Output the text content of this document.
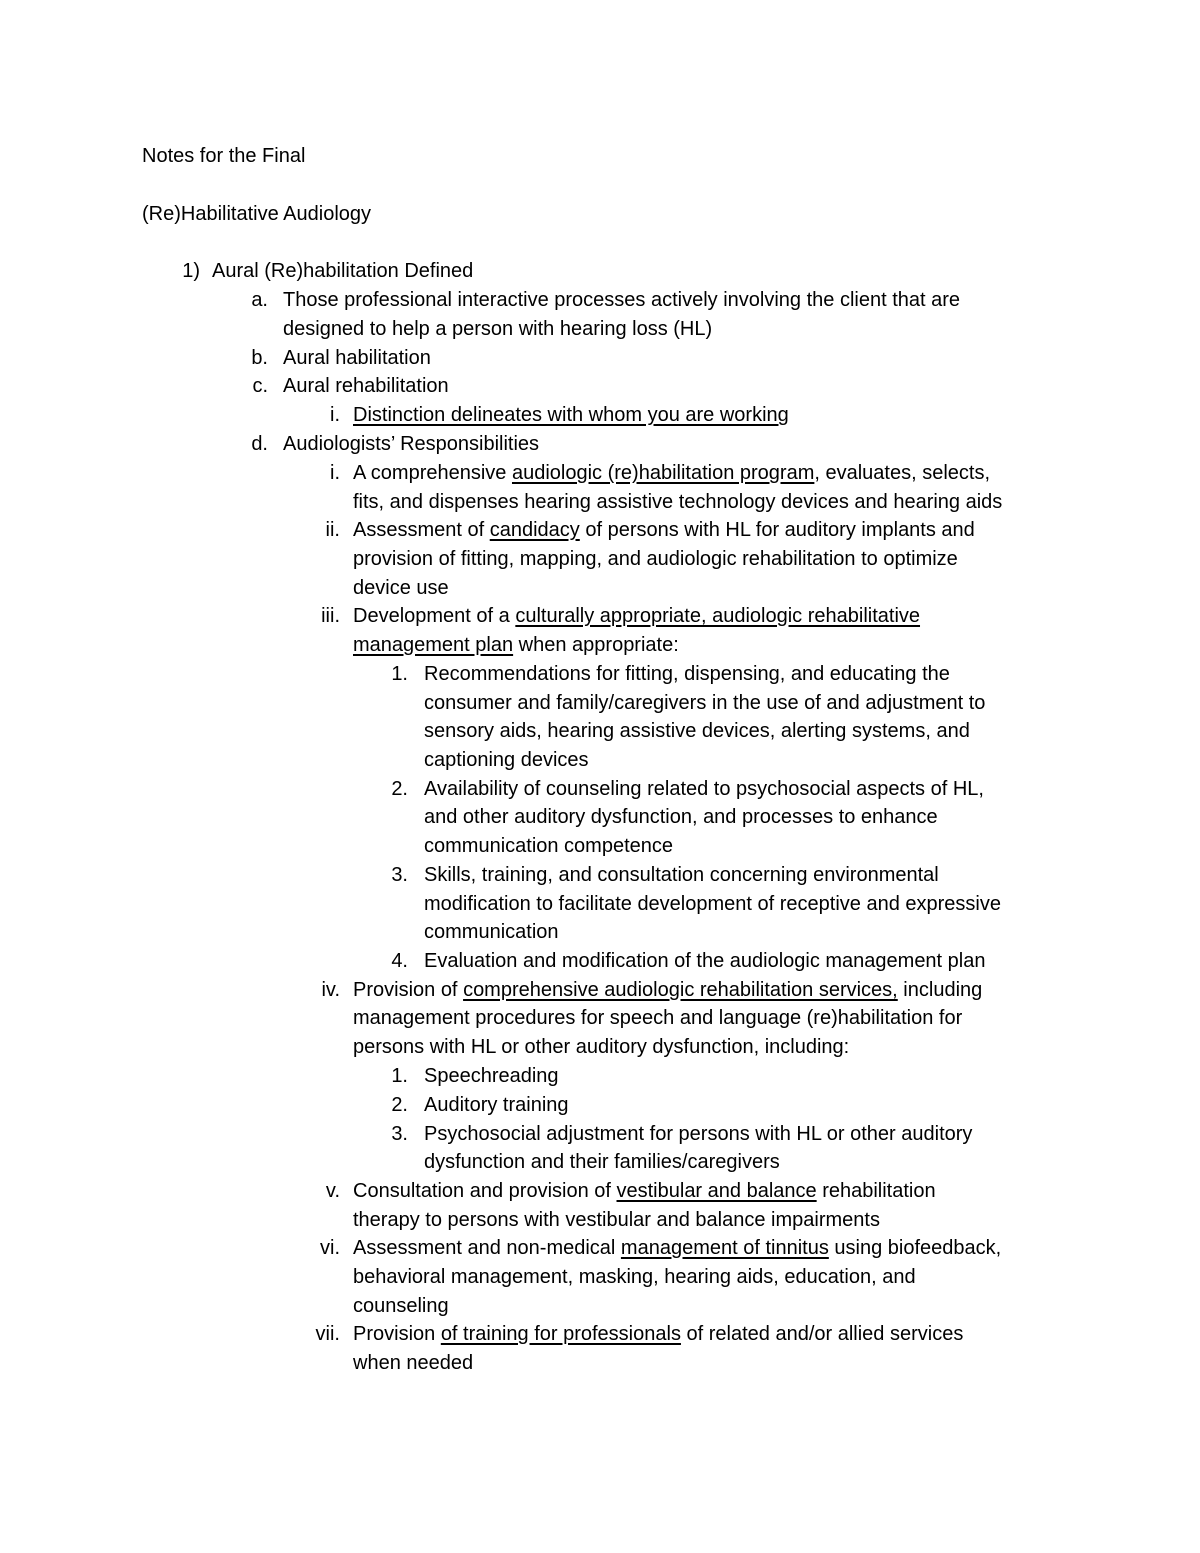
Notes for the Final
(Re)Habilitative Audiology
1) Aural (Re)habilitation Defined
a. Those professional interactive processes actively involving the client that are
designed to help a person with hearing loss (HL)
b. Aural habilitation
c. Aural rehabilitation
i. Distinction delineates with whom you are working
d. Audiologists’ Responsibilities
i. A comprehensive audiologic (re)habilitation program, evaluates, selects,
fits, and dispenses hearing assistive technology devices and hearing aids
ii. Assessment of candidacy of persons with HL for auditory implants and
provision of fitting, mapping, and audiologic rehabilitation to optimize
device use
iii. Development of a culturally appropriate, audiologic rehabilitative
management plan when appropriate:
1. Recommendations for fitting, dispensing, and educating the
consumer and family/caregivers in the use of and adjustment to
sensory aids, hearing assistive devices, alerting systems, and
captioning devices
2. Availability of counseling related to psychosocial aspects of HL,
and other auditory dysfunction, and processes to enhance
communication competence
3. Skills, training, and consultation concerning environmental
modification to facilitate development of receptive and expressive
communication
4. Evaluation and modification of the audiologic management plan
iv. Provision of comprehensive audiologic rehabilitation services, including
management procedures for speech and language (re)habilitation for
persons with HL or other auditory dysfunction, including:
1. Speechreading
2. Auditory training
3. Psychosocial adjustment for persons with HL or other auditory
dysfunction and their families/caregivers
v. Consultation and provision of vestibular and balance rehabilitation
therapy to persons with vestibular and balance impairments
vi. Assessment and non-medical management of tinnitus using biofeedback,
behavioral management, masking, hearing aids, education, and
counseling
vii. Provision of training for professionals of related and/or allied services
when needed
